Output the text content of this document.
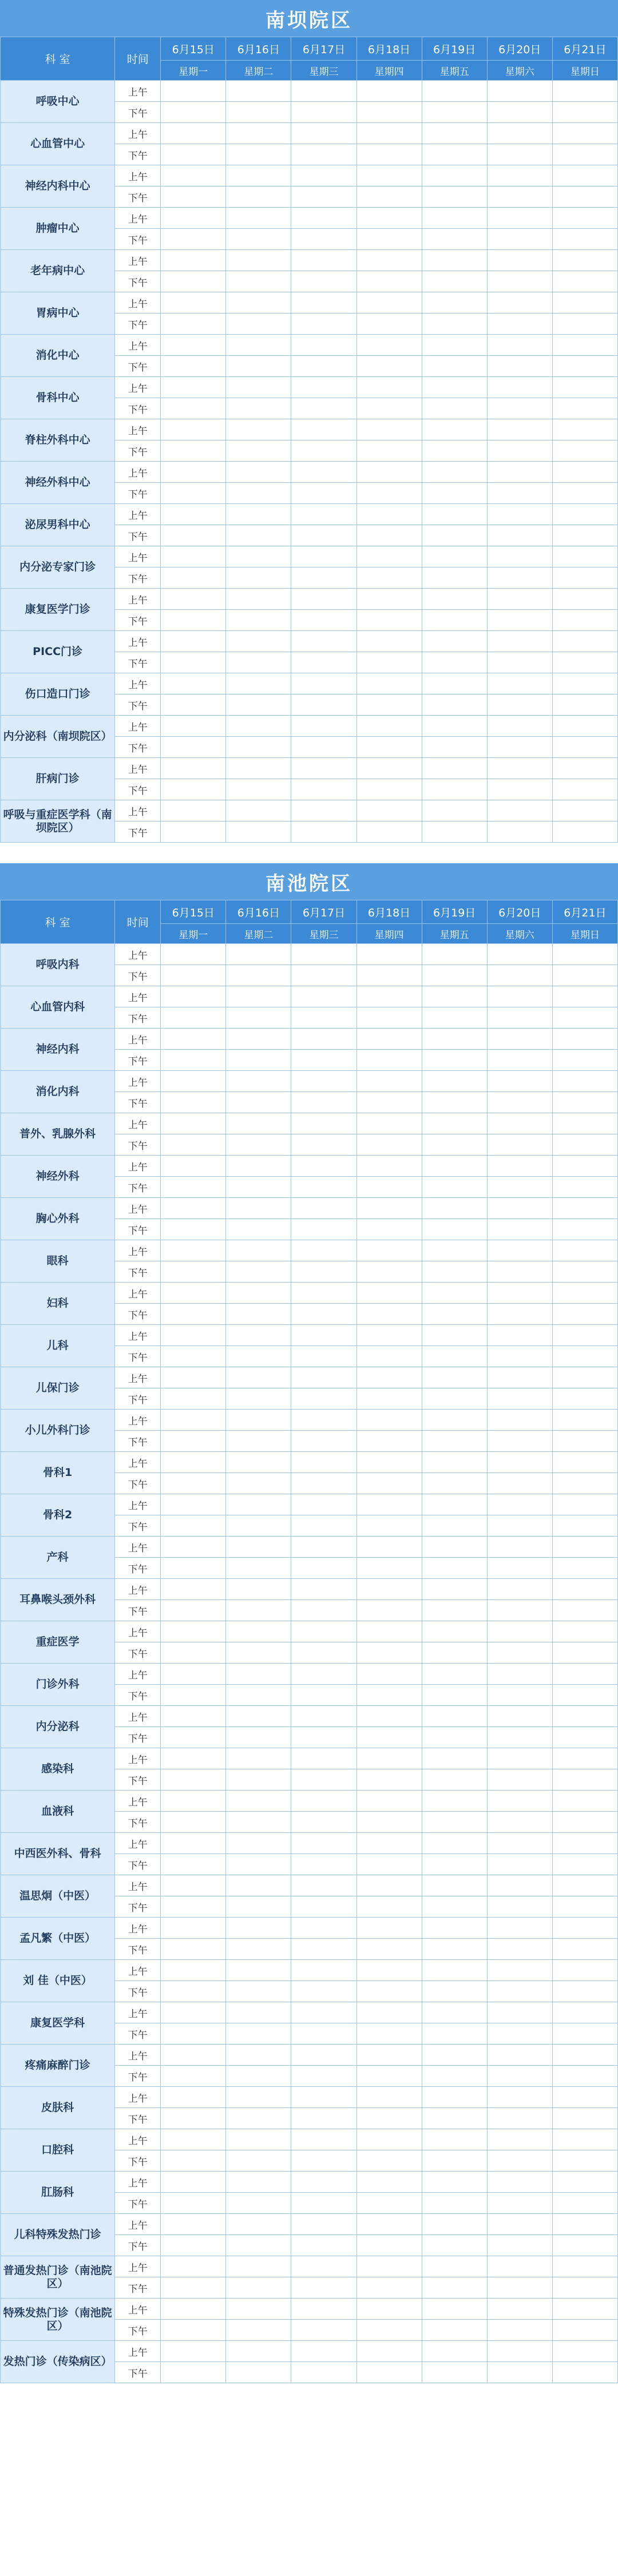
南坝院区
科 室	时间	6月15日	6月16日	6月17日	6月18日	6月19日	6月20日	6月21日
		星期一	星期二	星期三	星期四	星期五	星期六	星期日
呼吸中心	上午							
	下午							
心血管中心	上午							
	下午							
神经内科中心	上午							
	下午							
肿瘤中心	上午							
	下午							
老年病中心	上午							
	下午							
胃病中心	上午							
	下午							
消化中心	上午							
	下午							
骨科中心	上午							
	下午							
脊柱外科中心	上午							
	下午							
神经外科中心	上午							
	下午							
泌尿男科中心	上午							
	下午							
内分泌专家门诊	上午							
	下午							
康复医学门诊	上午							
	下午							
PICC门诊	上午							
	下午							
伤口造口门诊	上午							
	下午							
内分泌科（南坝院区）	上午							
	下午							
肝病门诊	上午							
	下午							
呼吸与重症医学科（南坝院区）	上午							
	下午							
南池院区
科 室	时间	6月15日	6月16日	6月17日	6月18日	6月19日	6月20日	6月21日
		星期一	星期二	星期三	星期四	星期五	星期六	星期日
呼吸内科	上午							
	下午							
心血管内科	上午							
	下午							
神经内科	上午							
	下午							
消化内科	上午							
	下午							
普外、乳腺外科	上午							
	下午							
神经外科	上午							
	下午							
胸心外科	上午							
	下午							
眼科	上午							
	下午							
妇科	上午							
	下午							
儿科	上午							
	下午							
儿保门诊	上午							
	下午							
小儿外科门诊	上午							
	下午							
骨科1	上午							
	下午							
骨科2	上午							
	下午							
产科	上午							
	下午							
耳鼻喉头颈外科	上午							
	下午							
重症医学	上午							
	下午							
门诊外科	上午							
	下午							
内分泌科	上午							
	下午							
感染科	上午							
	下午							
血液科	上午							
	下午							
中西医外科、骨科	上午							
	下午							
温思炯（中医）	上午							
	下午							
孟凡繁（中医）	上午							
	下午							
刘 佳（中医）	上午							
	下午							
康复医学科	上午							
	下午							
疼痛麻醉门诊	上午							
	下午							
皮肤科	上午							
	下午							
口腔科	上午							
	下午							
肛肠科	上午							
	下午							
儿科特殊发热门诊	上午							
	下午							
普通发热门诊（南池院区）	上午							
	下午							
特殊发热门诊（南池院区）	上午							
	下午							
发热门诊（传染病区）	上午							
	下午							
